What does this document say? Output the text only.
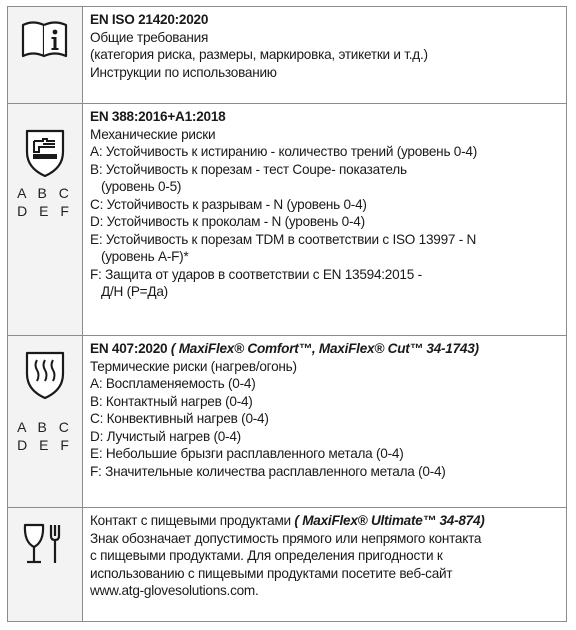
EN ISO 21420:2020
Общие требования
(категория риска, размеры, маркировка, этикетки и т.д.)
Инструкции по использованию
A B C
D E F
EN 388:2016+A1:2018
Механические риски
A: Устойчивость к истиранию - количество трений (уровень 0-4)
B: Устойчивость к порезам - тест Coupe- показатель
(уровень 0-5)
C: Устойчивость к разрывам - N (уровень 0-4)
D: Устойчивость к проколам - N (уровень 0-4)
E: Устойчивость к порезам TDM в соответствии с ISO 13997 - N
(уровень A-F)*
F: Защита от ударов в соответствии с EN 13594:2015 -
Д/Н (Р=Да)
A B C
D E F
EN 407:2020 ( MaxiFlex® Comfort™, MaxiFlex® Cut™ 34-1743)
Термические риски (нагрев/огонь)
A: Воспламеняемость (0-4)
B: Контактный нагрев (0-4)
C: Конвективный нагрев (0-4)
D: Лучистый нагрев (0-4)
E: Небольшие брызги расплавленного метала (0-4)
F: Значительные количества расплавленного метала (0-4)
Контакт с пищевыми продуктами ( MaxiFlex® Ultimate™ 34-874)
Знак обозначает допустимость прямого или непрямого контакта
с пищевыми продуктами. Для определения пригодности к
использованию с пищевыми продуктами посетите веб-сайт
www.atg-glovesolutions.com.
